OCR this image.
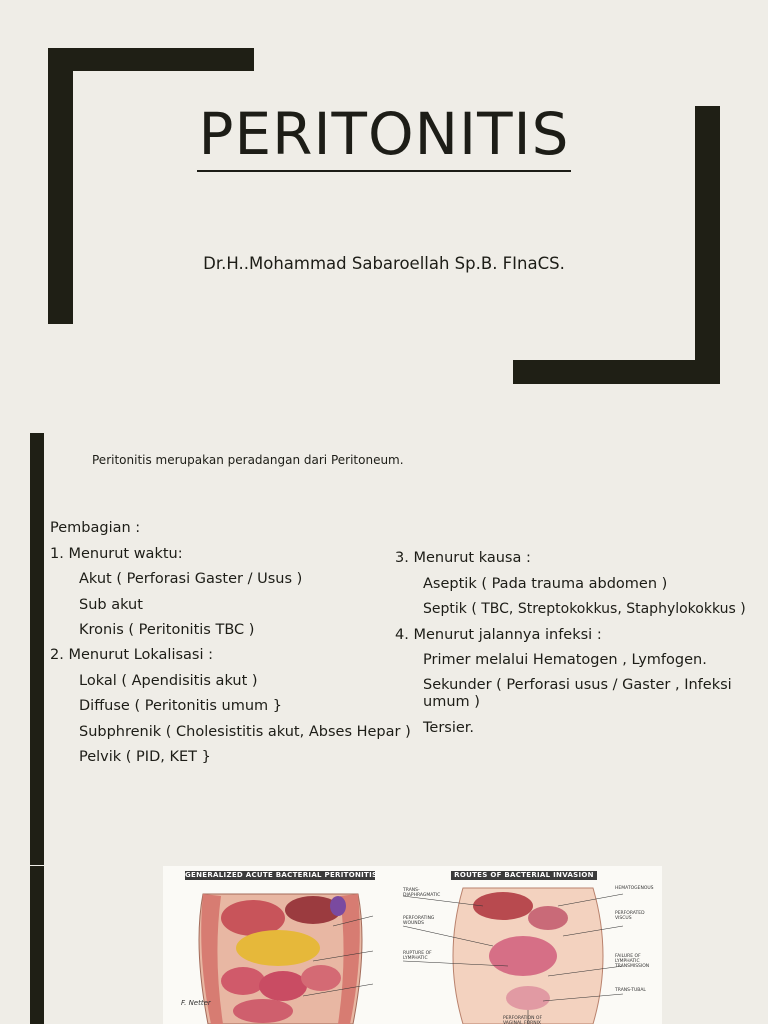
PERITONITIS
Dr.H..Mohammad Sabaroellah Sp.B. FInaCS.
Peritonitis merupakan peradangan dari Peritoneum.
Pembagian :
1. Menurut waktu:
Akut ( Perforasi Gaster / Usus )
Sub akut
Kronis ( Peritonitis TBC )
2. Menurut Lokalisasi :
Lokal ( Apendisitis akut )
Diffuse ( Peritonitis umum }
Subphrenik ( Cholesistitis akut, Abses Hepar )
Pelvik ( PID, KET }
3. Menurut kausa :
Aseptik ( Pada trauma abdomen )
Septik ( TBC, Streptokokkus, Staphylokokkus )
4. Menurut jalannya infeksi :
Primer melalui Hematogen , Lymfogen.
Sekunder ( Perforasi usus / Gaster , Infeksi umum )
Tersier.
GENERALIZED ACUTE BACTERIAL PERITONITIS	ROUTES OF BACTERIAL INVASION
TRANS-DIAPHRAGMATIC
HEMATOGENOUS
PERFORATING WOUNDS
PERFORATED VISCUS
RUPTURE OF LYMPHATIC	FAILURE OF LYMPHATIC TRANSMISSION
TRANS-TUBAL
PERFORATION OF VAGINAL FORNIX
F. Netter
